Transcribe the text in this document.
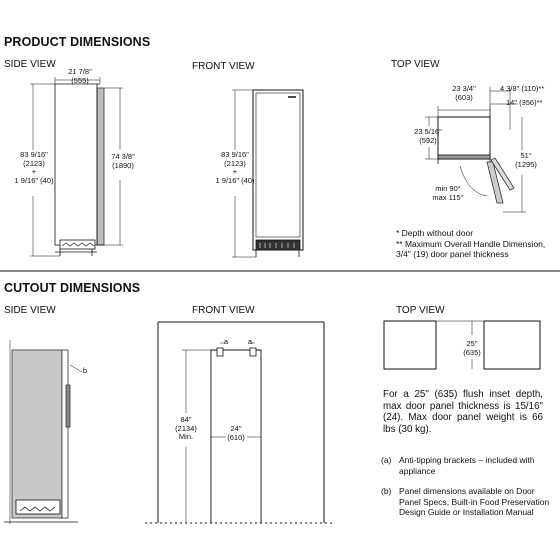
PRODUCT DIMENSIONS
SIDE VIEW	FRONT VIEW	TOP VIEW
CUTOUT DIMENSIONS
SIDE VIEW	FRONT VIEW	TOP VIEW
21 7/8"
(555)
83 9/16"
(2123)
+
1 9/16" (40)
74 3/8"
(1890)
83 9/16"
(2123)
+
1 9/16" (40)
23 3/4"
(603)
4 3/8" (110)**
14" (356)**
23 5/16"
(592)
51"
(1295)
min 90°
max 115°
* Depth without door
** Maximum Overall Handle Dimension,
3/4" (19) door panel thickness
b
a	a
84"
(2134)
Min.
24"
(610)
25"
(635)
For a 25" (635) flush inset depth, max door panel thickness is 15/16" (24). Max door panel weight is 66 lbs (30 kg).
(a) Anti-tipping brackets – included with appliance
(b) Panel dimensions available on Door Panel Specs, Built-in Food Preservation Design Guide or Installation Manual
